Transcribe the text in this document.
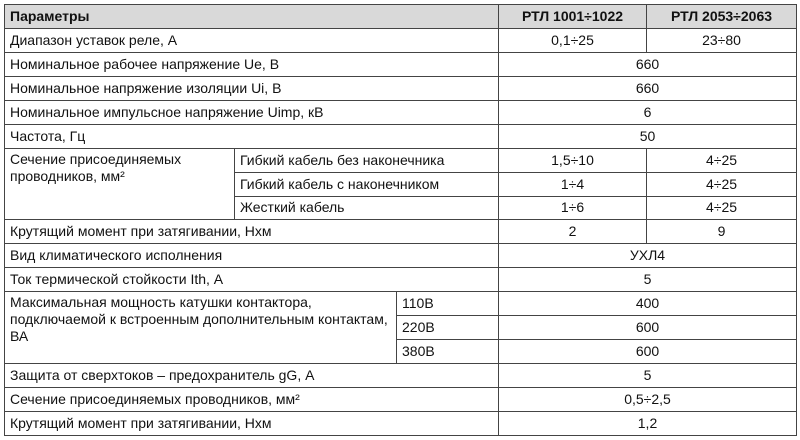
Параметры			РТЛ 1001÷1022	РТЛ 2053÷2063
Диапазон уставок реле, А			0,1÷25	23÷80
Номинальное рабочее напряжение Ue, В			660	
Номинальное напряжение изоляции Ui, В			660	
Номинальное импульсное напряжение Uimp, кВ			6	
Частота, Гц			50	
Сечение присоединяемых проводников, мм²	Гибкий кабель без наконечника		1,5÷10	4÷25
	Гибкий кабель с наконечником		1÷4	4÷25
	Жесткий кабель		1÷6	4÷25
Крутящий момент при затягивании, Нхм			2	9
Вид климатического исполнения			УХЛ4	
Ток термической стойкости Ith, А			5	
Максимальная мощность катушки контактора, подключаемой к встроенным дополнительным контактам, ВА		110В	400	
		220В	600	
		380В	600	
Защита от сверхтоков – предохранитель gG, А			5	
Сечение присоединяемых проводников, мм²			0,5÷2,5	
Крутящий момент при затягивании, Нхм			1,2	
